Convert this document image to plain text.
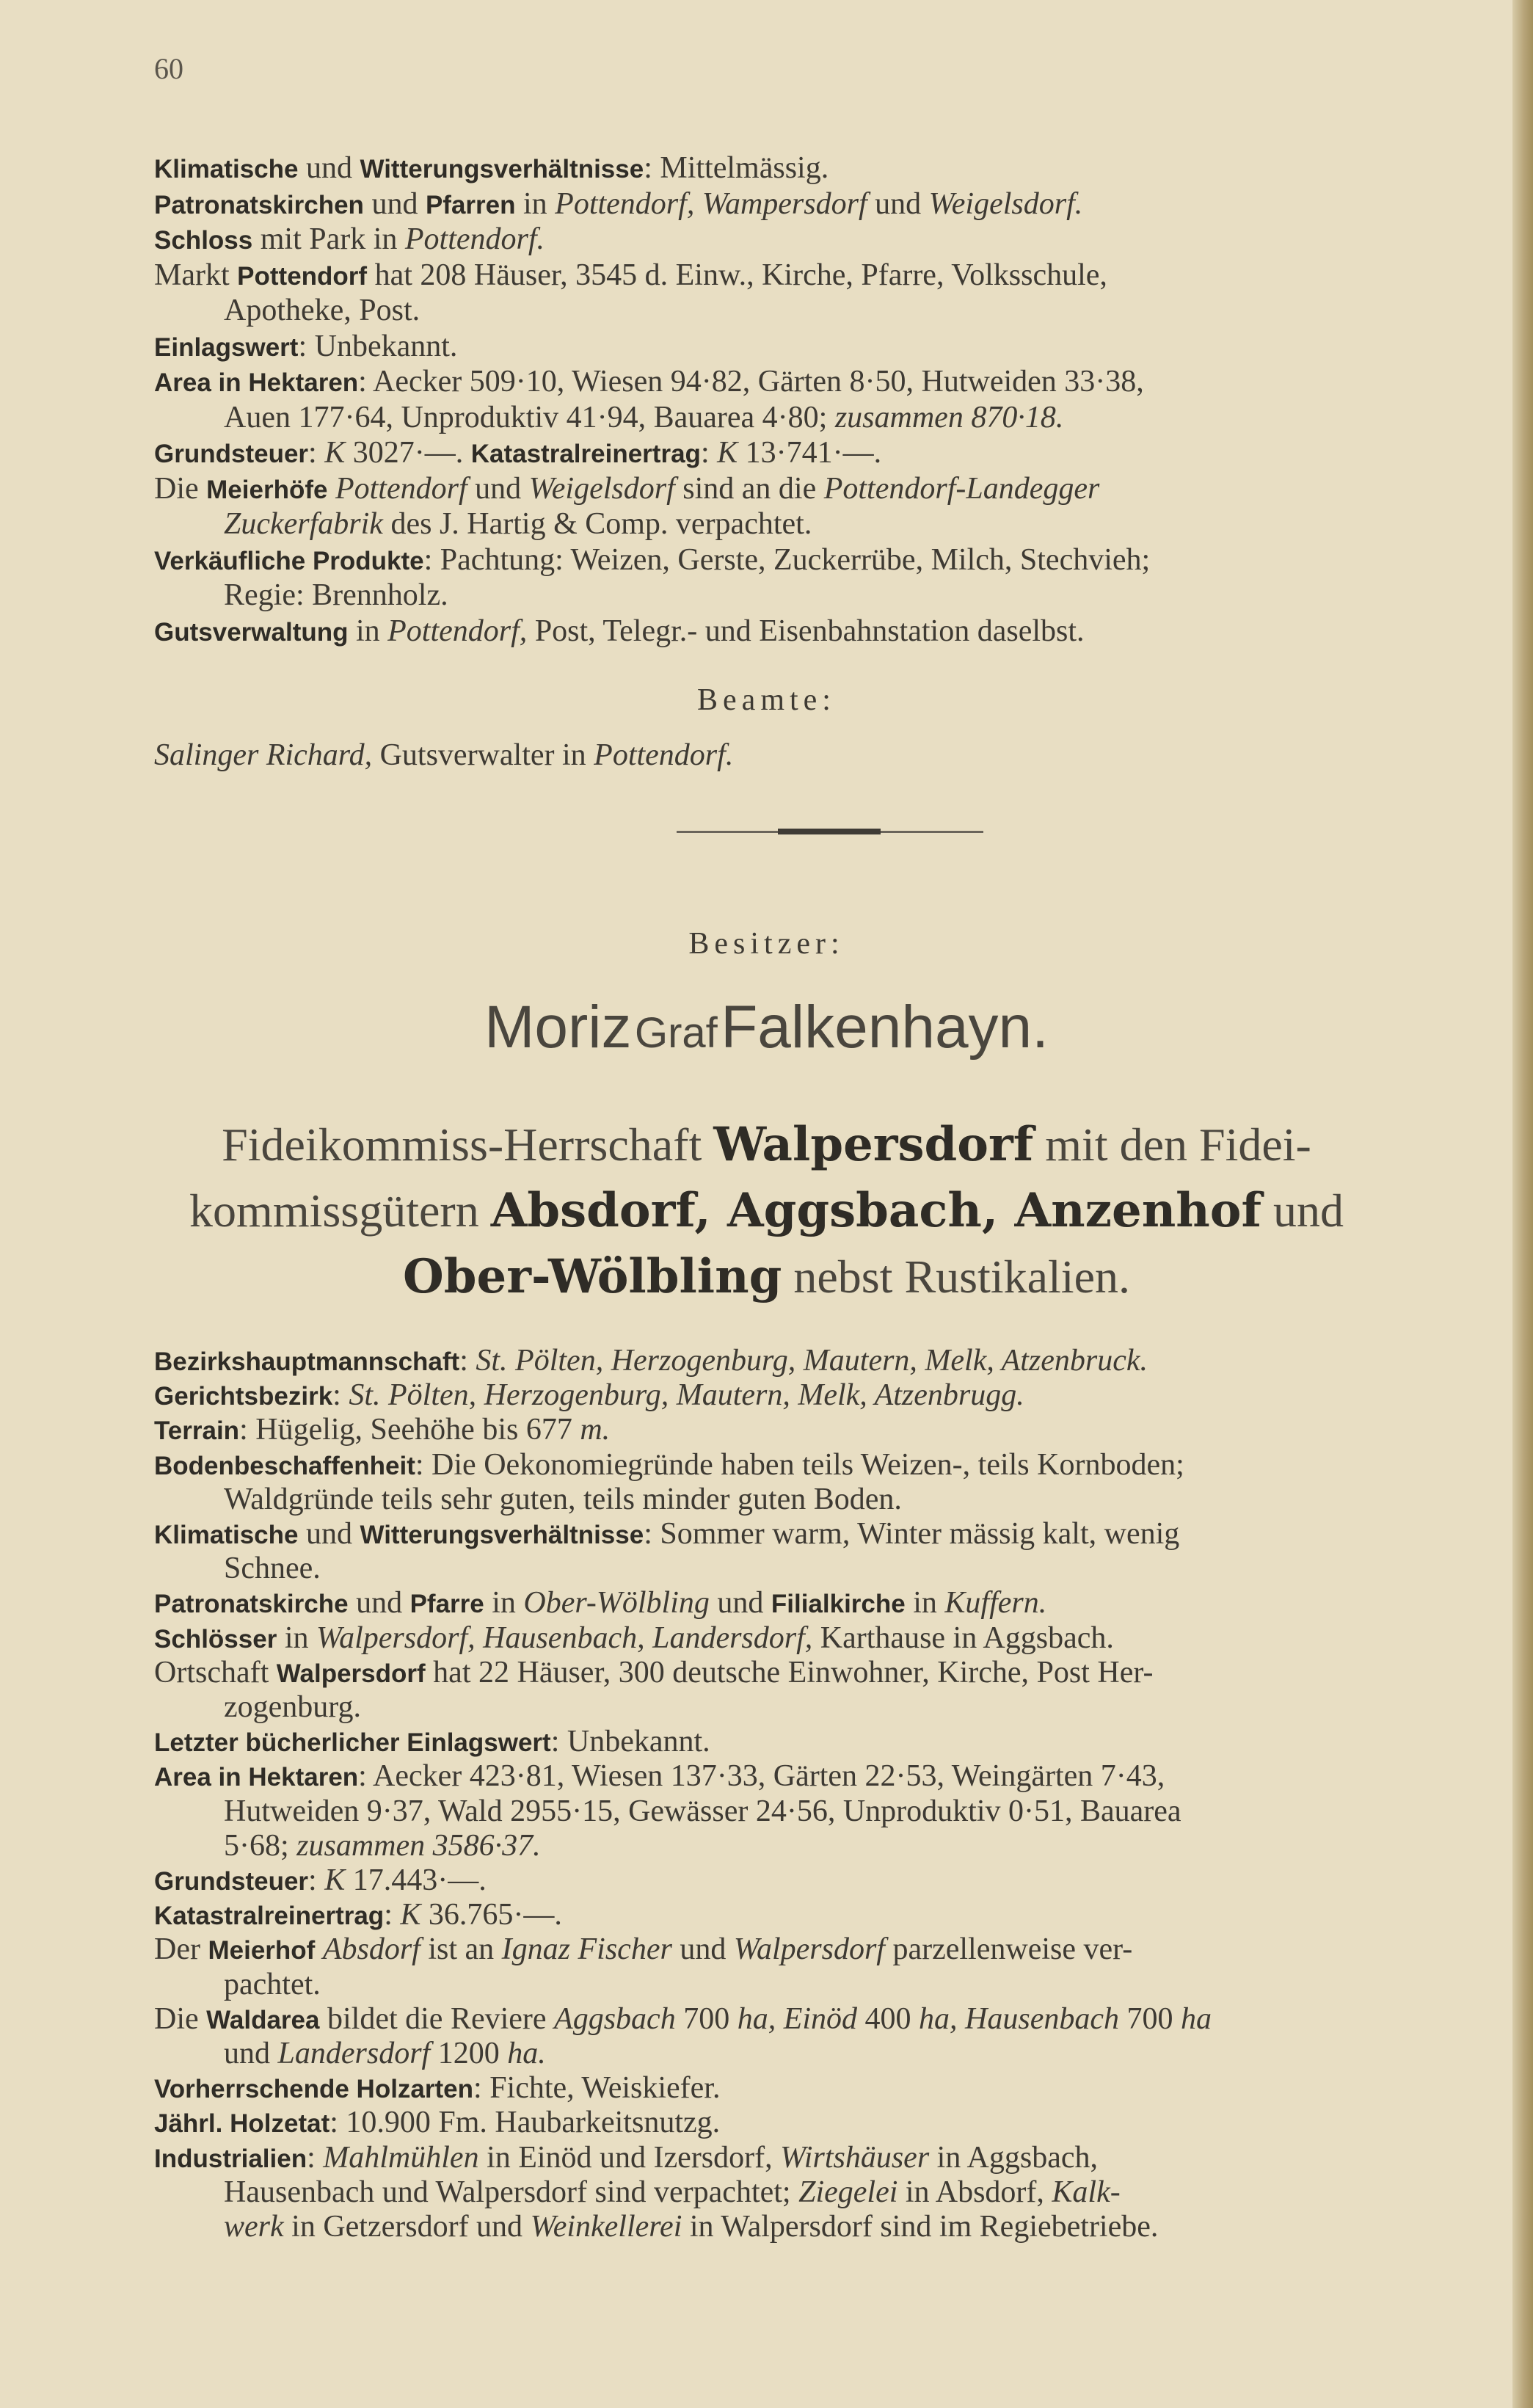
60
Klimatische und Witterungsverhältnisse: Mittelmässig.
Patronatskirchen und Pfarren in Pottendorf, Wampersdorf und Weigelsdorf.
Schloss mit Park in Pottendorf.
Markt Pottendorf hat 208 Häuser, 3545 d. Einw., Kirche, Pfarre, Volksschule,
Apotheke, Post.
Einlagswert: Unbekannt.
Area in Hektaren: Aecker 509·10, Wiesen 94·82, Gärten 8·50, Hutweiden 33·38,
Auen 177·64, Unproduktiv 41·94, Bauarea 4·80; zusammen 870·18.
Grundsteuer: K 3027·—. Katastralreinertrag: K 13·741·—.
Die Meierhöfe Pottendorf und Weigelsdorf sind an die Pottendorf-Landegger
Zuckerfabrik des J. Hartig & Comp. verpachtet.
Verkäufliche Produkte: Pachtung: Weizen, Gerste, Zuckerrübe, Milch, Stechvieh;
Regie: Brennholz.
Gutsverwaltung in Pottendorf, Post, Telegr.- und Eisenbahnstation daselbst.
Beamte:
Salinger Richard, Gutsverwalter in Pottendorf.
Besitzer:
Moriz Graf Falkenhayn.
Fideikommiss-Herrschaft Walpersdorf mit den Fidei-
kommissgütern Absdorf, Aggsbach, Anzenhof und
Ober-Wölbling nebst Rustikalien.
Bezirkshauptmannschaft: St. Pölten, Herzogenburg, Mautern, Melk, Atzenbruck.
Gerichtsbezirk: St. Pölten, Herzogenburg, Mautern, Melk, Atzenbrugg.
Terrain: Hügelig, Seehöhe bis 677 m.
Bodenbeschaffenheit: Die Oekonomiegründe haben teils Weizen-, teils Kornboden;
Waldgründe teils sehr guten, teils minder guten Boden.
Klimatische und Witterungsverhältnisse: Sommer warm, Winter mässig kalt, wenig
Schnee.
Patronatskirche und Pfarre in Ober-Wölbling und Filialkirche in Kuffern.
Schlösser in Walpersdorf, Hausenbach, Landersdorf, Karthause in Aggsbach.
Ortschaft Walpersdorf hat 22 Häuser, 300 deutsche Einwohner, Kirche, Post Her-
zogenburg.
Letzter bücherlicher Einlagswert: Unbekannt.
Area in Hektaren: Aecker 423·81, Wiesen 137·33, Gärten 22·53, Weingärten 7·43,
Hutweiden 9·37, Wald 2955·15, Gewässer 24·56, Unproduktiv 0·51, Bauarea
5·68; zusammen 3586·37.
Grundsteuer: K 17.443·—.
Katastralreinertrag: K 36.765·—.
Der Meierhof Absdorf ist an Ignaz Fischer und Walpersdorf parzellenweise ver-
pachtet.
Die Waldarea bildet die Reviere Aggsbach 700 ha, Einöd 400 ha, Hausenbach 700 ha
und Landersdorf 1200 ha.
Vorherrschende Holzarten: Fichte, Weiskiefer.
Jährl. Holzetat: 10.900 Fm. Haubarkeitsnutzg.
Industrialien: Mahlmühlen in Einöd und Izersdorf, Wirtshäuser in Aggsbach,
Hausenbach und Walpersdorf sind verpachtet; Ziegelei in Absdorf, Kalk-
werk in Getzersdorf und Weinkellerei in Walpersdorf sind im Regiebetriebe.
